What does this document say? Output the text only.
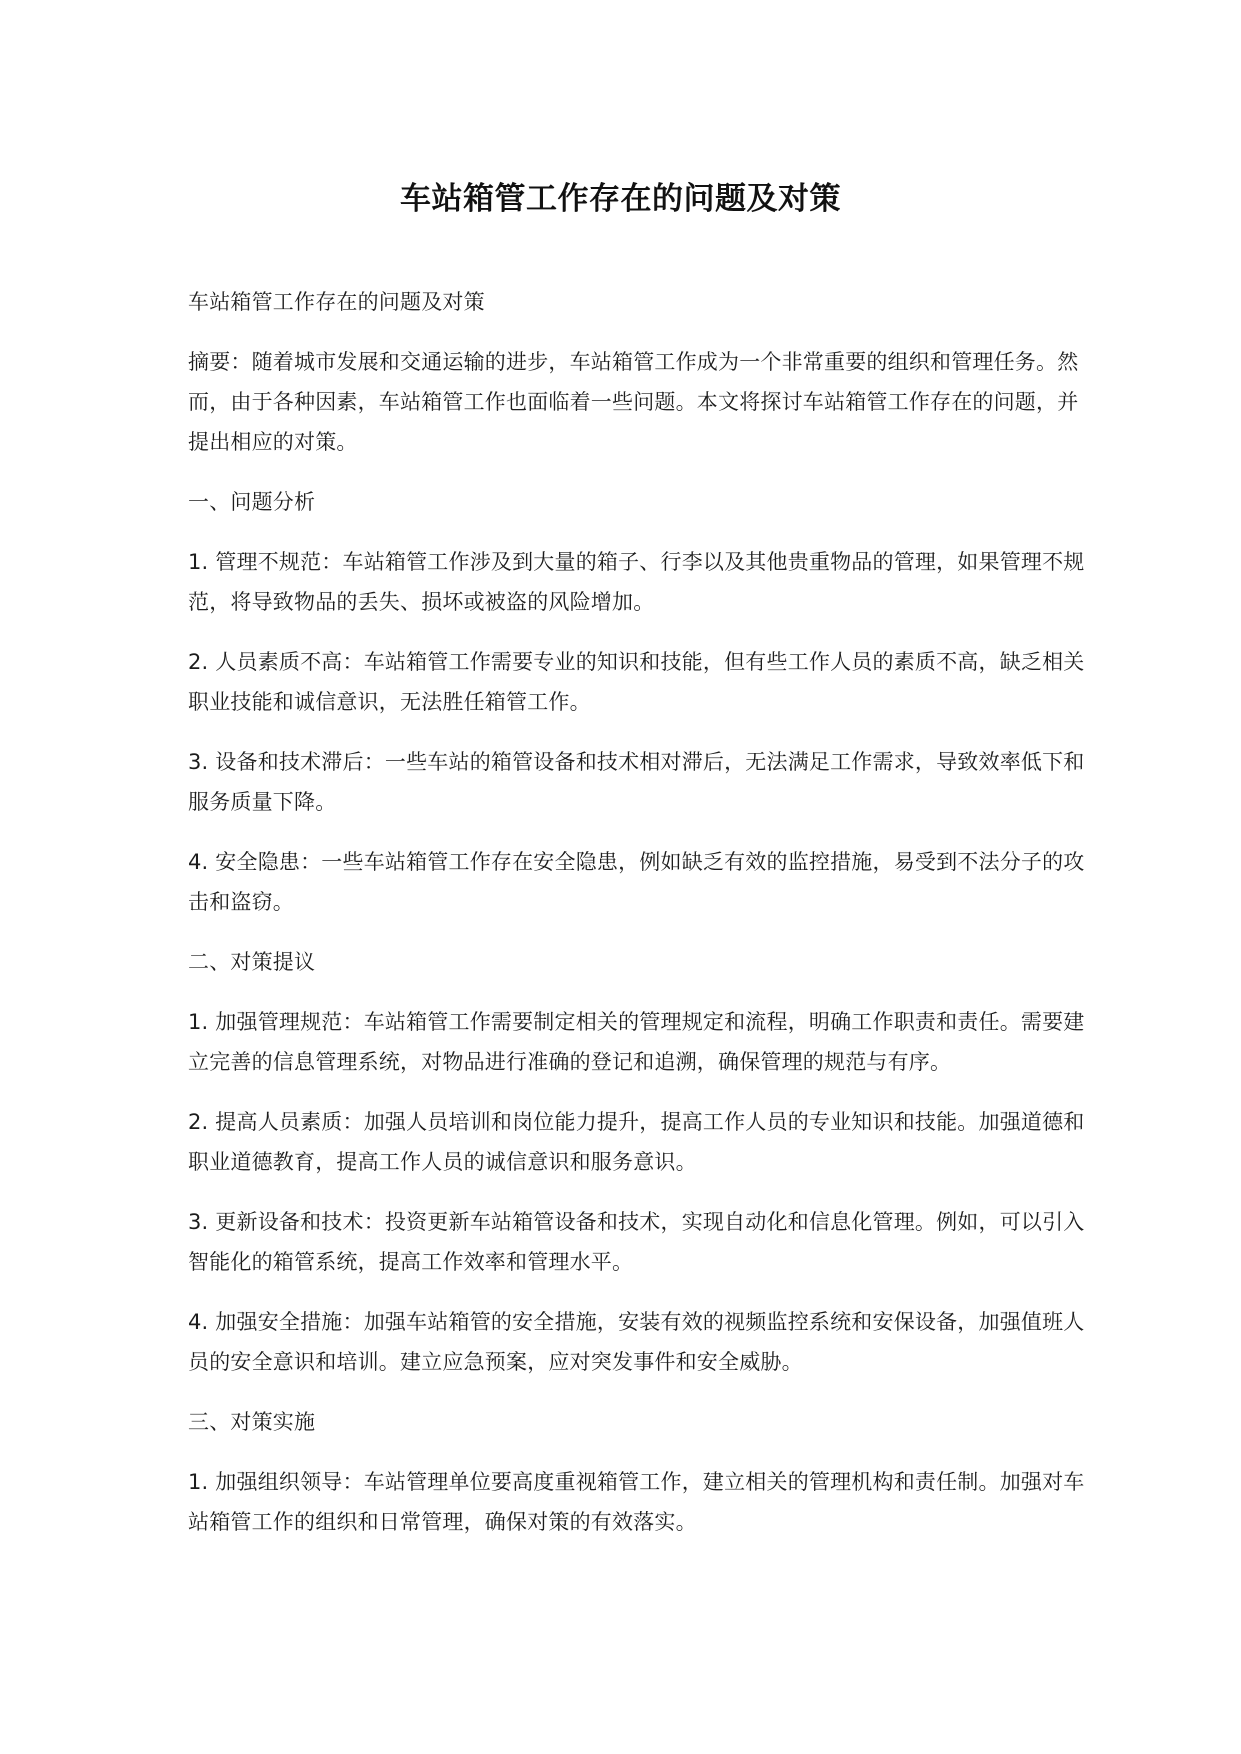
车站箱管工作存在的问题及对策

车站箱管工作存在的问题及对策

摘要：随着城市发展和交通运输的进步，车站箱管工作成为一个非常重要的组织和管理任务。然而，由于各种因素，车站箱管工作也面临着一些问题。本文将探讨车站箱管工作存在的问题，并提出相应的对策。

一、问题分析

1. 管理不规范：车站箱管工作涉及到大量的箱子、行李以及其他贵重物品的管理，如果管理不规范，将导致物品的丢失、损坏或被盗的风险增加。

2. 人员素质不高：车站箱管工作需要专业的知识和技能，但有些工作人员的素质不高，缺乏相关职业技能和诚信意识，无法胜任箱管工作。

3. 设备和技术滞后：一些车站的箱管设备和技术相对滞后，无法满足工作需求，导致效率低下和服务质量下降。

4. 安全隐患：一些车站箱管工作存在安全隐患，例如缺乏有效的监控措施，易受到不法分子的攻击和盗窃。

二、对策提议

1. 加强管理规范：车站箱管工作需要制定相关的管理规定和流程，明确工作职责和责任。需要建立完善的信息管理系统，对物品进行准确的登记和追溯，确保管理的规范与有序。

2. 提高人员素质：加强人员培训和岗位能力提升，提高工作人员的专业知识和技能。加强道德和职业道德教育，提高工作人员的诚信意识和服务意识。

3. 更新设备和技术：投资更新车站箱管设备和技术，实现自动化和信息化管理。例如，可以引入智能化的箱管系统，提高工作效率和管理水平。

4. 加强安全措施：加强车站箱管的安全措施，安装有效的视频监控系统和安保设备，加强值班人员的安全意识和培训。建立应急预案，应对突发事件和安全威胁。

三、对策实施

1. 加强组织领导：车站管理单位要高度重视箱管工作，建立相关的管理机构和责任制。加强对车站箱管工作的组织和日常管理，确保对策的有效落实。
